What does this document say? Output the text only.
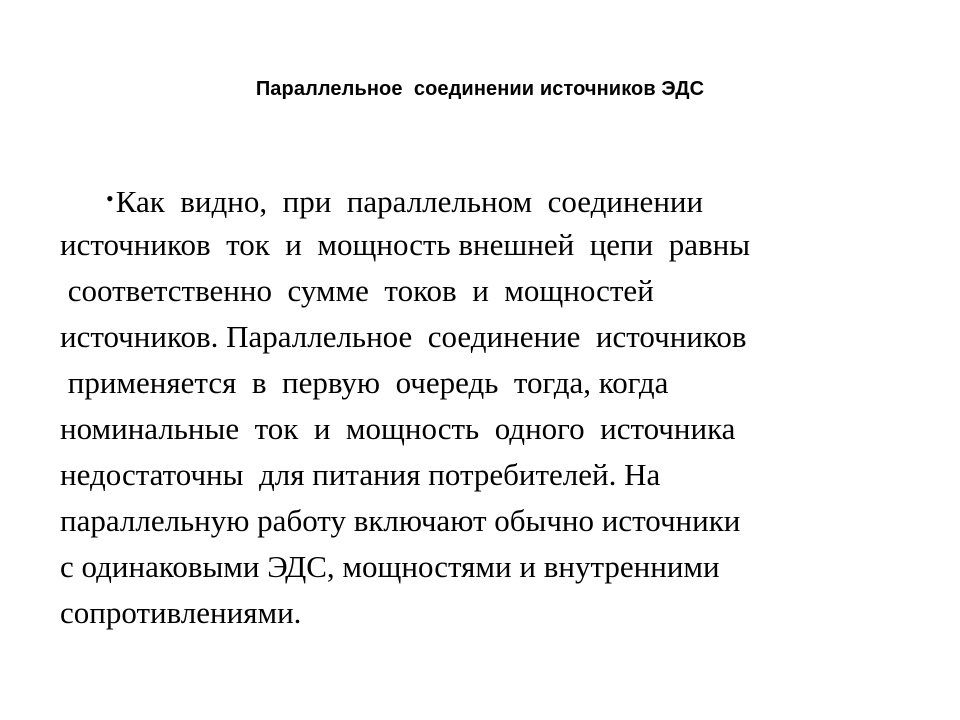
Параллельное  соединении источников ЭДС
•Как  видно,  при  параллельном  соединении
источников  ток  и  мощность внешней  цепи  равны
соответственно  сумме  токов  и  мощностей
источников. Параллельное  соединение  источников
применяется  в  первую  очередь  тогда, когда
номинальные  ток  и  мощность  одного  источника
недостаточны  для питания потребителей. На
параллельную работу включают обычно источники
с одинаковыми ЭДС, мощностями и внутренними
сопротивлениями.
